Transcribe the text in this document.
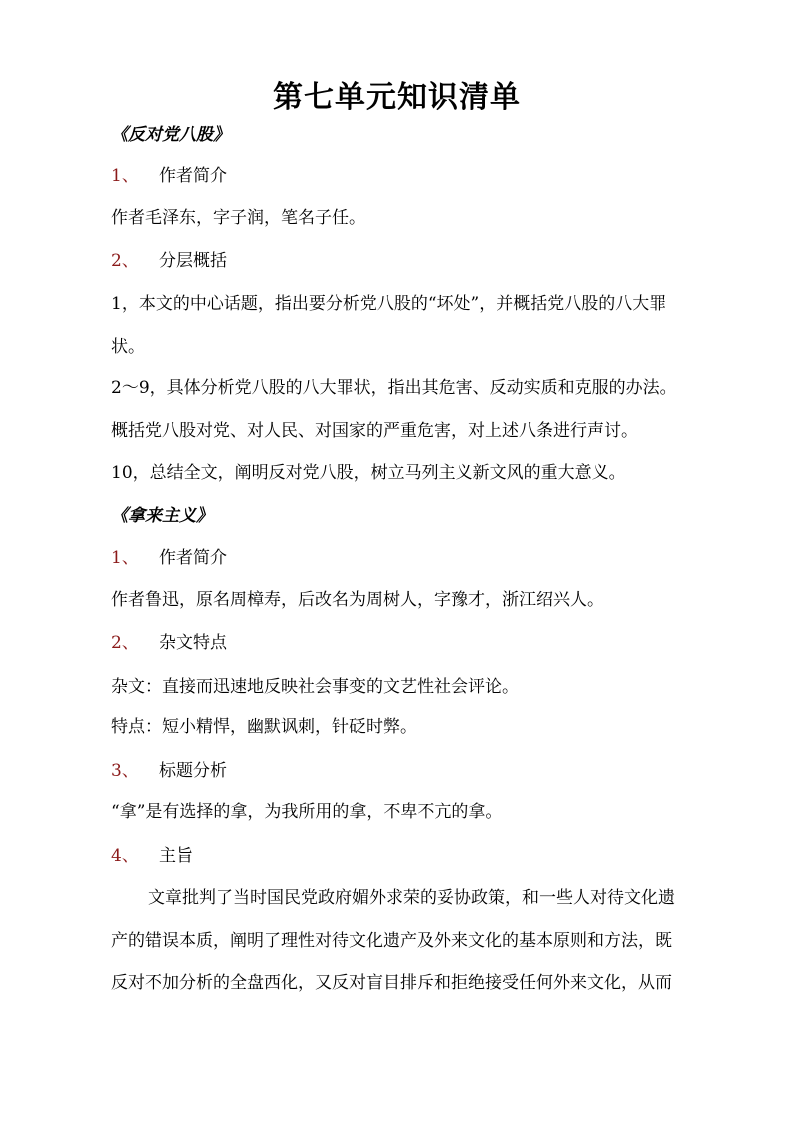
第七单元知识清单
《反对党八股》
1、 作者简介
作者毛泽东，字子润，笔名子任。
2、 分层概括
1，本文的中心话题，指出要分析党八股的“坏处”，并概括党八股的八大罪
状。
2～9，具体分析党八股的八大罪状，指出其危害、反动实质和克服的办法。
概括党八股对党、对人民、对国家的严重危害，对上述八条进行声讨。
10，总结全文，阐明反对党八股，树立马列主义新文风的重大意义。
《拿来主义》
1、 作者简介
作者鲁迅，原名周樟寿，后改名为周树人，字豫才，浙江绍兴人。
2、 杂文特点
杂文：直接而迅速地反映社会事变的文艺性社会评论。
特点：短小精悍，幽默讽刺，针砭时弊。
3、 标题分析
“拿”是有选择的拿，为我所用的拿，不卑不亢的拿。
4、 主旨
文章批判了当时国民党政府媚外求荣的妥协政策，和一些人对待文化遗
产的错误本质，阐明了理性对待文化遗产及外来文化的基本原则和方法，既
反对不加分析的全盘西化，又反对盲目排斥和拒绝接受任何外来文化，从而
